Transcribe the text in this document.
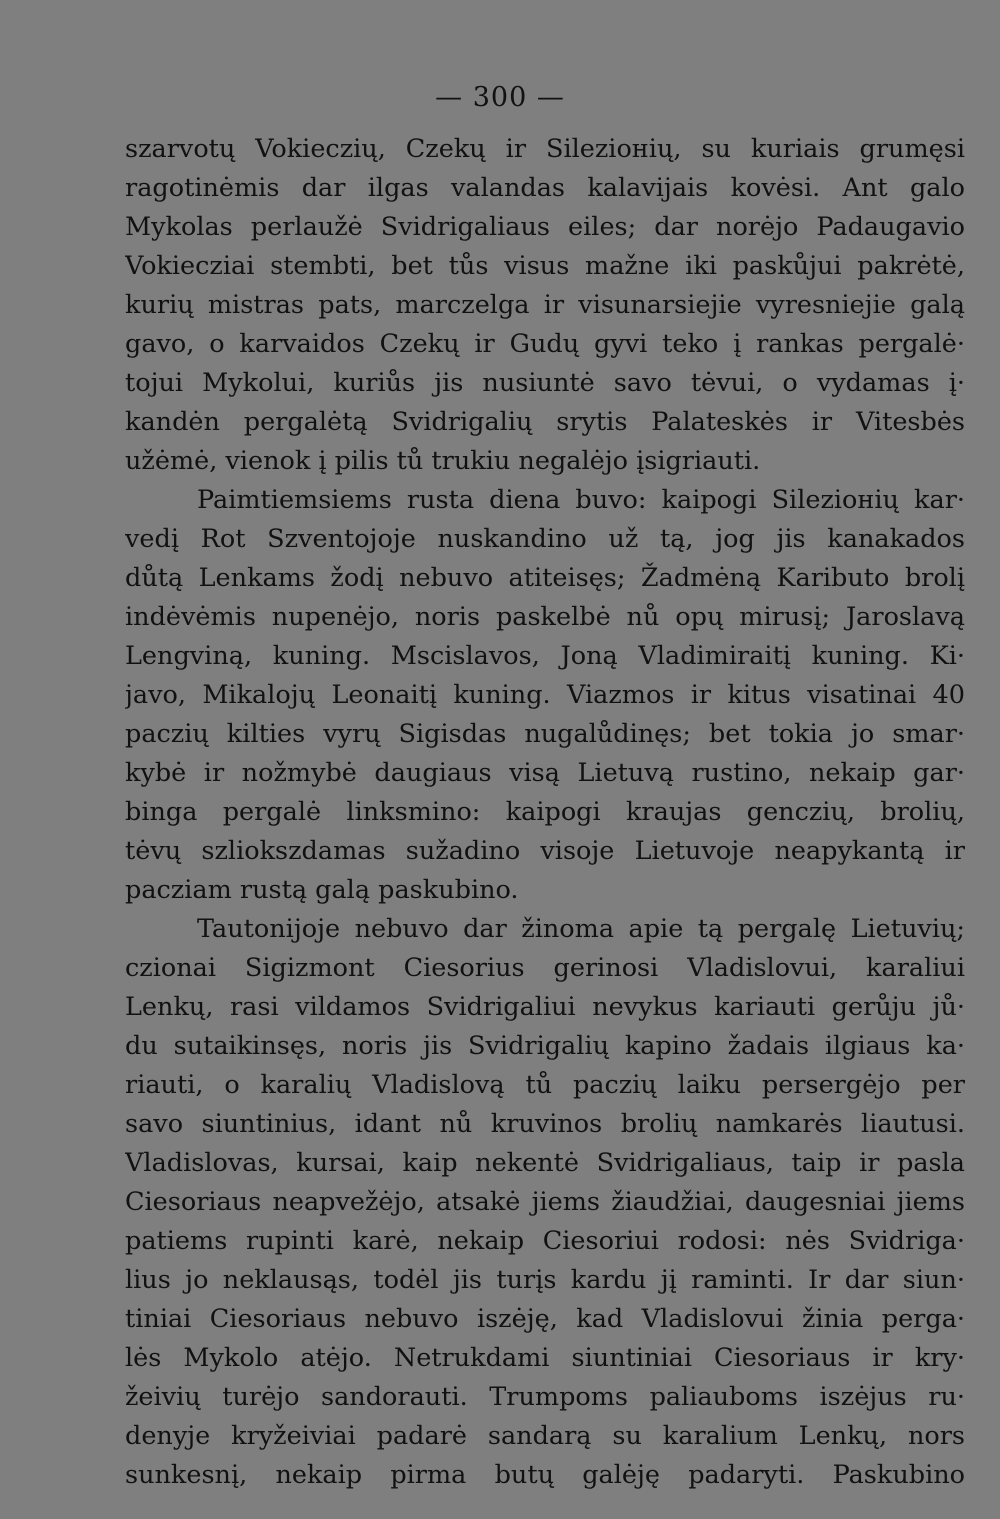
— 300 —
szarvotų Vokieczių, Czekų ir Sileziонių, su kuriais grumęsi
ragotinėmis dar ilgas valandas kalavijais kovėsi. Ant galo
Mykolas perlaužė Svidrigaliaus eiles; dar norėjo Padaugavio
Vokiecziai stembti, bet tůs visus mažne iki paskůjui pakrėtė,
kurių mistras pats, marczelga ir visunarsiejie vyresniejie galą
gavo, o karvaidos Czekų ir Gudų gyvi teko į rankas pergalė·
tojui Mykolui, kuriůs jis nusiuntė savo tėvui, o vydamas į·
kandėn pergalėtą Svidrigalių srytis Palateskės ir Vitesbės
užėmė, vienok į pilis tů trukiu negalėjo įsigriauti.
Paimtiemsiems rusta diena buvo: kaipogi Sileziонių kar·
vedį Rot Szventojoje nuskandino už tą, jog jis kanakados
důtą Lenkams žodį nebuvo atiteisęs; Žadmėną Kaributo brolį
indėvėmis nupenėjo, noris paskelbė nů opų mirusį; Jaroslavą
Lengviną, kuning. Mscislavos, Joną Vladimiraitį kuning. Ki·
javo, Mikalojų Leonaitį kuning. Viazmos ir kitus visatinai 40
paczių kilties vyrų Sigisdas nugalůdinęs; bet tokia jo smar·
kybė ir nožmybė daugiaus visą Lietuvą rustino, nekaip gar·
binga pergalė linksmino: kaipogi kraujas genczių, brolių,
tėvų szliokszdamas sužadino visoje Lietuvoje neapykantą ir
pacziam rustą galą paskubino.
Tautonijoje nebuvo dar žinoma apie tą pergalę Lietuvių;
czionai Sigizmont Ciesorius gerinosi Vladislovui, karaliui
Lenkų, rasi vildamos Svidrigaliui nevykus kariauti gerůju jů·
du sutaikinsęs, noris jis Svidrigalių kapino žadais ilgiaus ka·
riauti, o karalių Vladislovą tů paczių laiku persergėjo per
savo siuntinius, idant nů kruvinos brolių namkarės liautusi.
Vladislovas, kursai, kaip nekentė Svidrigaliaus, taip ir pasla
Ciesoriaus neapvežėjo, atsakė jiems žiaudžiai, daugesniai jiems
patiems rupinti karė, nekaip Ciesoriui rodosi: nės Svidriga·
lius jo neklausąs, todėl jis turįs kardu jį raminti. Ir dar siun·
tiniai Ciesoriaus nebuvo iszėję, kad Vladislovui žinia perga·
lės Mykolo atėjo. Netrukdami siuntiniai Ciesoriaus ir kry·
žeivių turėjo sandorauti. Trumpoms paliauboms iszėjus ru·
denyje kryžeiviai padarė sandarą su karalium Lenkų, nors
sunkesnį, nekaip pirma butų galėję padaryti. Paskubino
